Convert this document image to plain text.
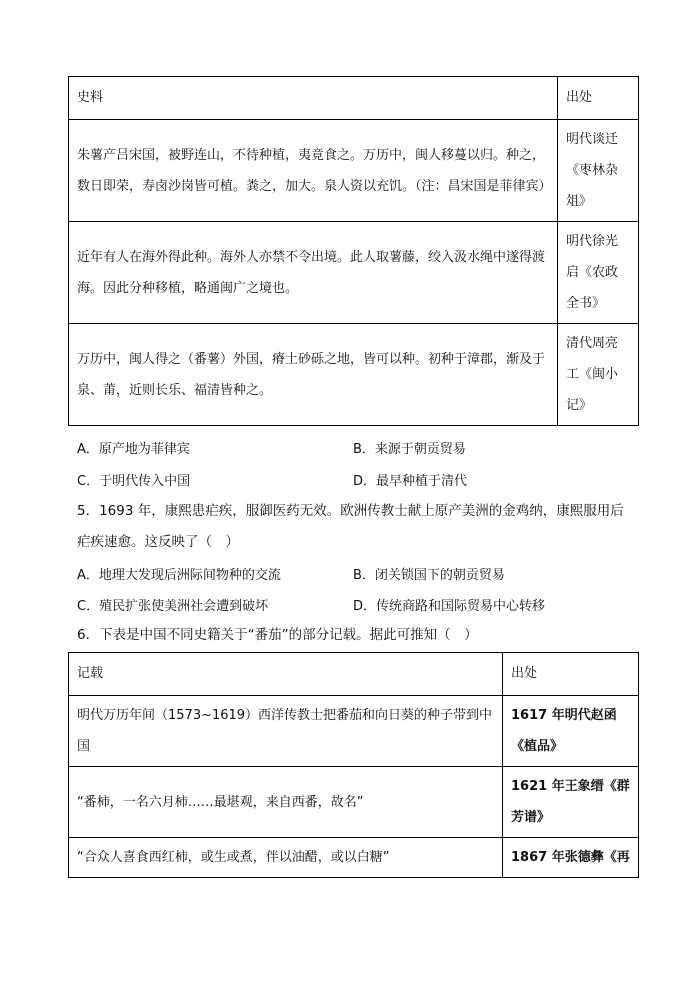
史料	出处
朱薯产吕宋国，被野连山，不待种植，夷竟食之。万历中，闽人移蔓以归。种之，数日即荣，寿卤沙岗皆可植。粪之，加大。泉人资以充饥。（注：昌宋国是菲律宾）	明代谈迁《枣林杂俎》
近年有人在海外得此种。海外人亦禁不令出境。此人取薯藤，绞入汲水绳中遂得渡海。因此分种移植，略通闽广之境也。	明代徐光启《农政全书》
万历中，闽人得之（番薯）外国，瘠土砂砾之地，皆可以种。初种于漳郡，渐及于泉、莆，近则长乐、福清皆种之。	清代周亮工《闽小记》
A．原产地为菲律宾	B．来源于朝贡贸易
C．于明代传入中国	D．最早种植于清代
5．1693 年，康熙患疟疾，服御医药无效。欧洲传教士献上原产美洲的金鸡纳，康熙服用后疟疾速愈。这反映了（　）
A．地理大发现后洲际间物种的交流	B．闭关锁国下的朝贡贸易
C．殖民扩张使美洲社会遭到破坏	D．传统商路和国际贸易中心转移
6．下表是中国不同史籍关于“番茄”的部分记载。据此可推知（　）
记载	出处
明代万历年间（1573~1619）西洋传教士把番茄和向日葵的种子带到中国	1617 年明代赵函《植品》
“番柿，一名六月柿……最堪观，来自西番，故名”	1621 年王象缙《群芳谱》
“合众人喜食西红柿，或生或煮，伴以油醋，或以白糖”	1867 年张德彝《再
